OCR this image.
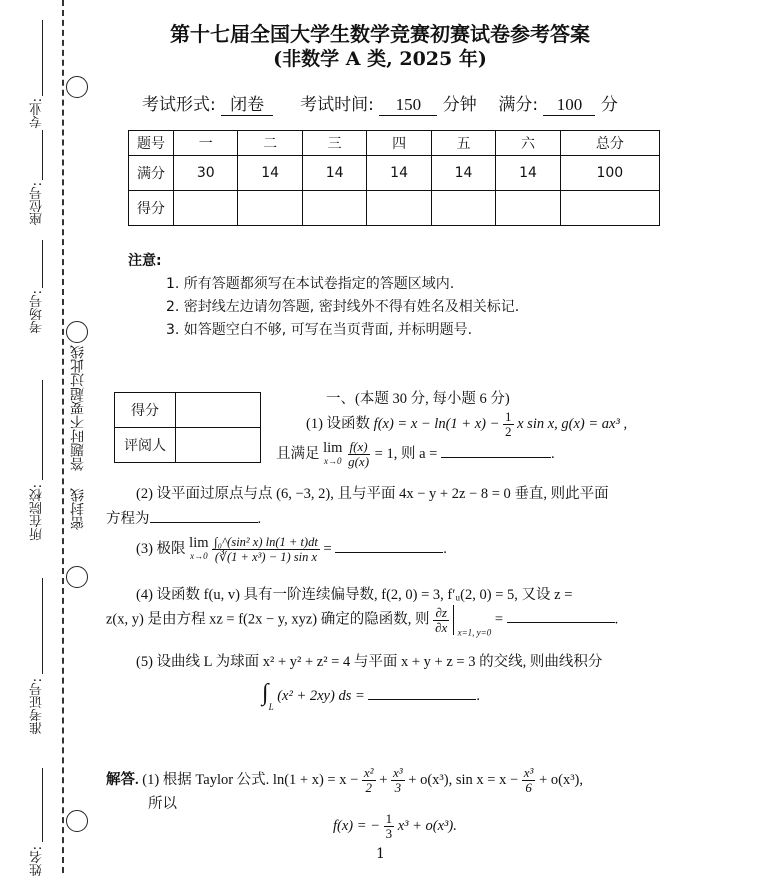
专业:
座位号:
考场号:
所在院校:
准考证号:
姓名:
密封线
答题时不要超过此线
第十七届全国大学生数学竞赛初赛试卷参考答案
(非数学 A 类, 2025 年)
考试形式: 闭卷 考试时间: 150 分钟 满分: 100 分
题号	一	二	三	四	五	六	总分
满分	30	14	14	14	14	14	100
得分							
注意:
1. 所有答题都须写在本试卷指定的答题区域内.
2. 密封线左边请勿答题, 密封线外不得有姓名及相关标记.
3. 如答题空白不够, 可写在当页背面, 并标明题号.
得分	
评阅人	
一、(本题 30 分, 每小题 6 分)
(1) 设函数 $f(x) = x - \ln(1 + x) - \frac{1}{2}$ x sin x, g(x) = ax³ ,
且满足 lim
x→0
$\frac{f(x)}{g(x)} = 1$, 则 a =	.
(2) 设平面过原点与点 (6, −3, 2), 且与平面 4x − y + 2z − 8 = 0 垂直, 则此平面
方程为	.
(3) 极限 lim
x→0
$\frac{\text{∫₀\textasciicircum{}(sin² x) ln(1 + t)dt}}{\text{(∛(1 + x³) − 1) sin x}}$ =	.
(4) 设函数 f(u, v) 具有一阶连续偏导数, f(2, 0) = 3, f′ᵤ(2, 0) = 5, 又设 z =
z(x, y) 是由方程 xz = f(2x − y, xyz) 确定的隐函数, 则 $\frac{\partial z}{\partial x} _{x=1, y=0}$ =	.
(5) 设曲线 L 为球面 x² + y² + z² = 4 与平面 x + y + z = 3 的交线, 则曲线积分
$\int_L$ (x² + 2xy) ds =	.
解答. (1) 根据 Taylor 公式. $\ln(1 + x) = x - \frac{\text{x²}}{2} + \frac{\text{x³}}{3} + o(x^3)$, $\sin x = x - \frac{\text{x³}}{6} + o(x^3)$,
所以
f(x) = − $\frac{1}{3} x^3 + o(x^3)$.
1
